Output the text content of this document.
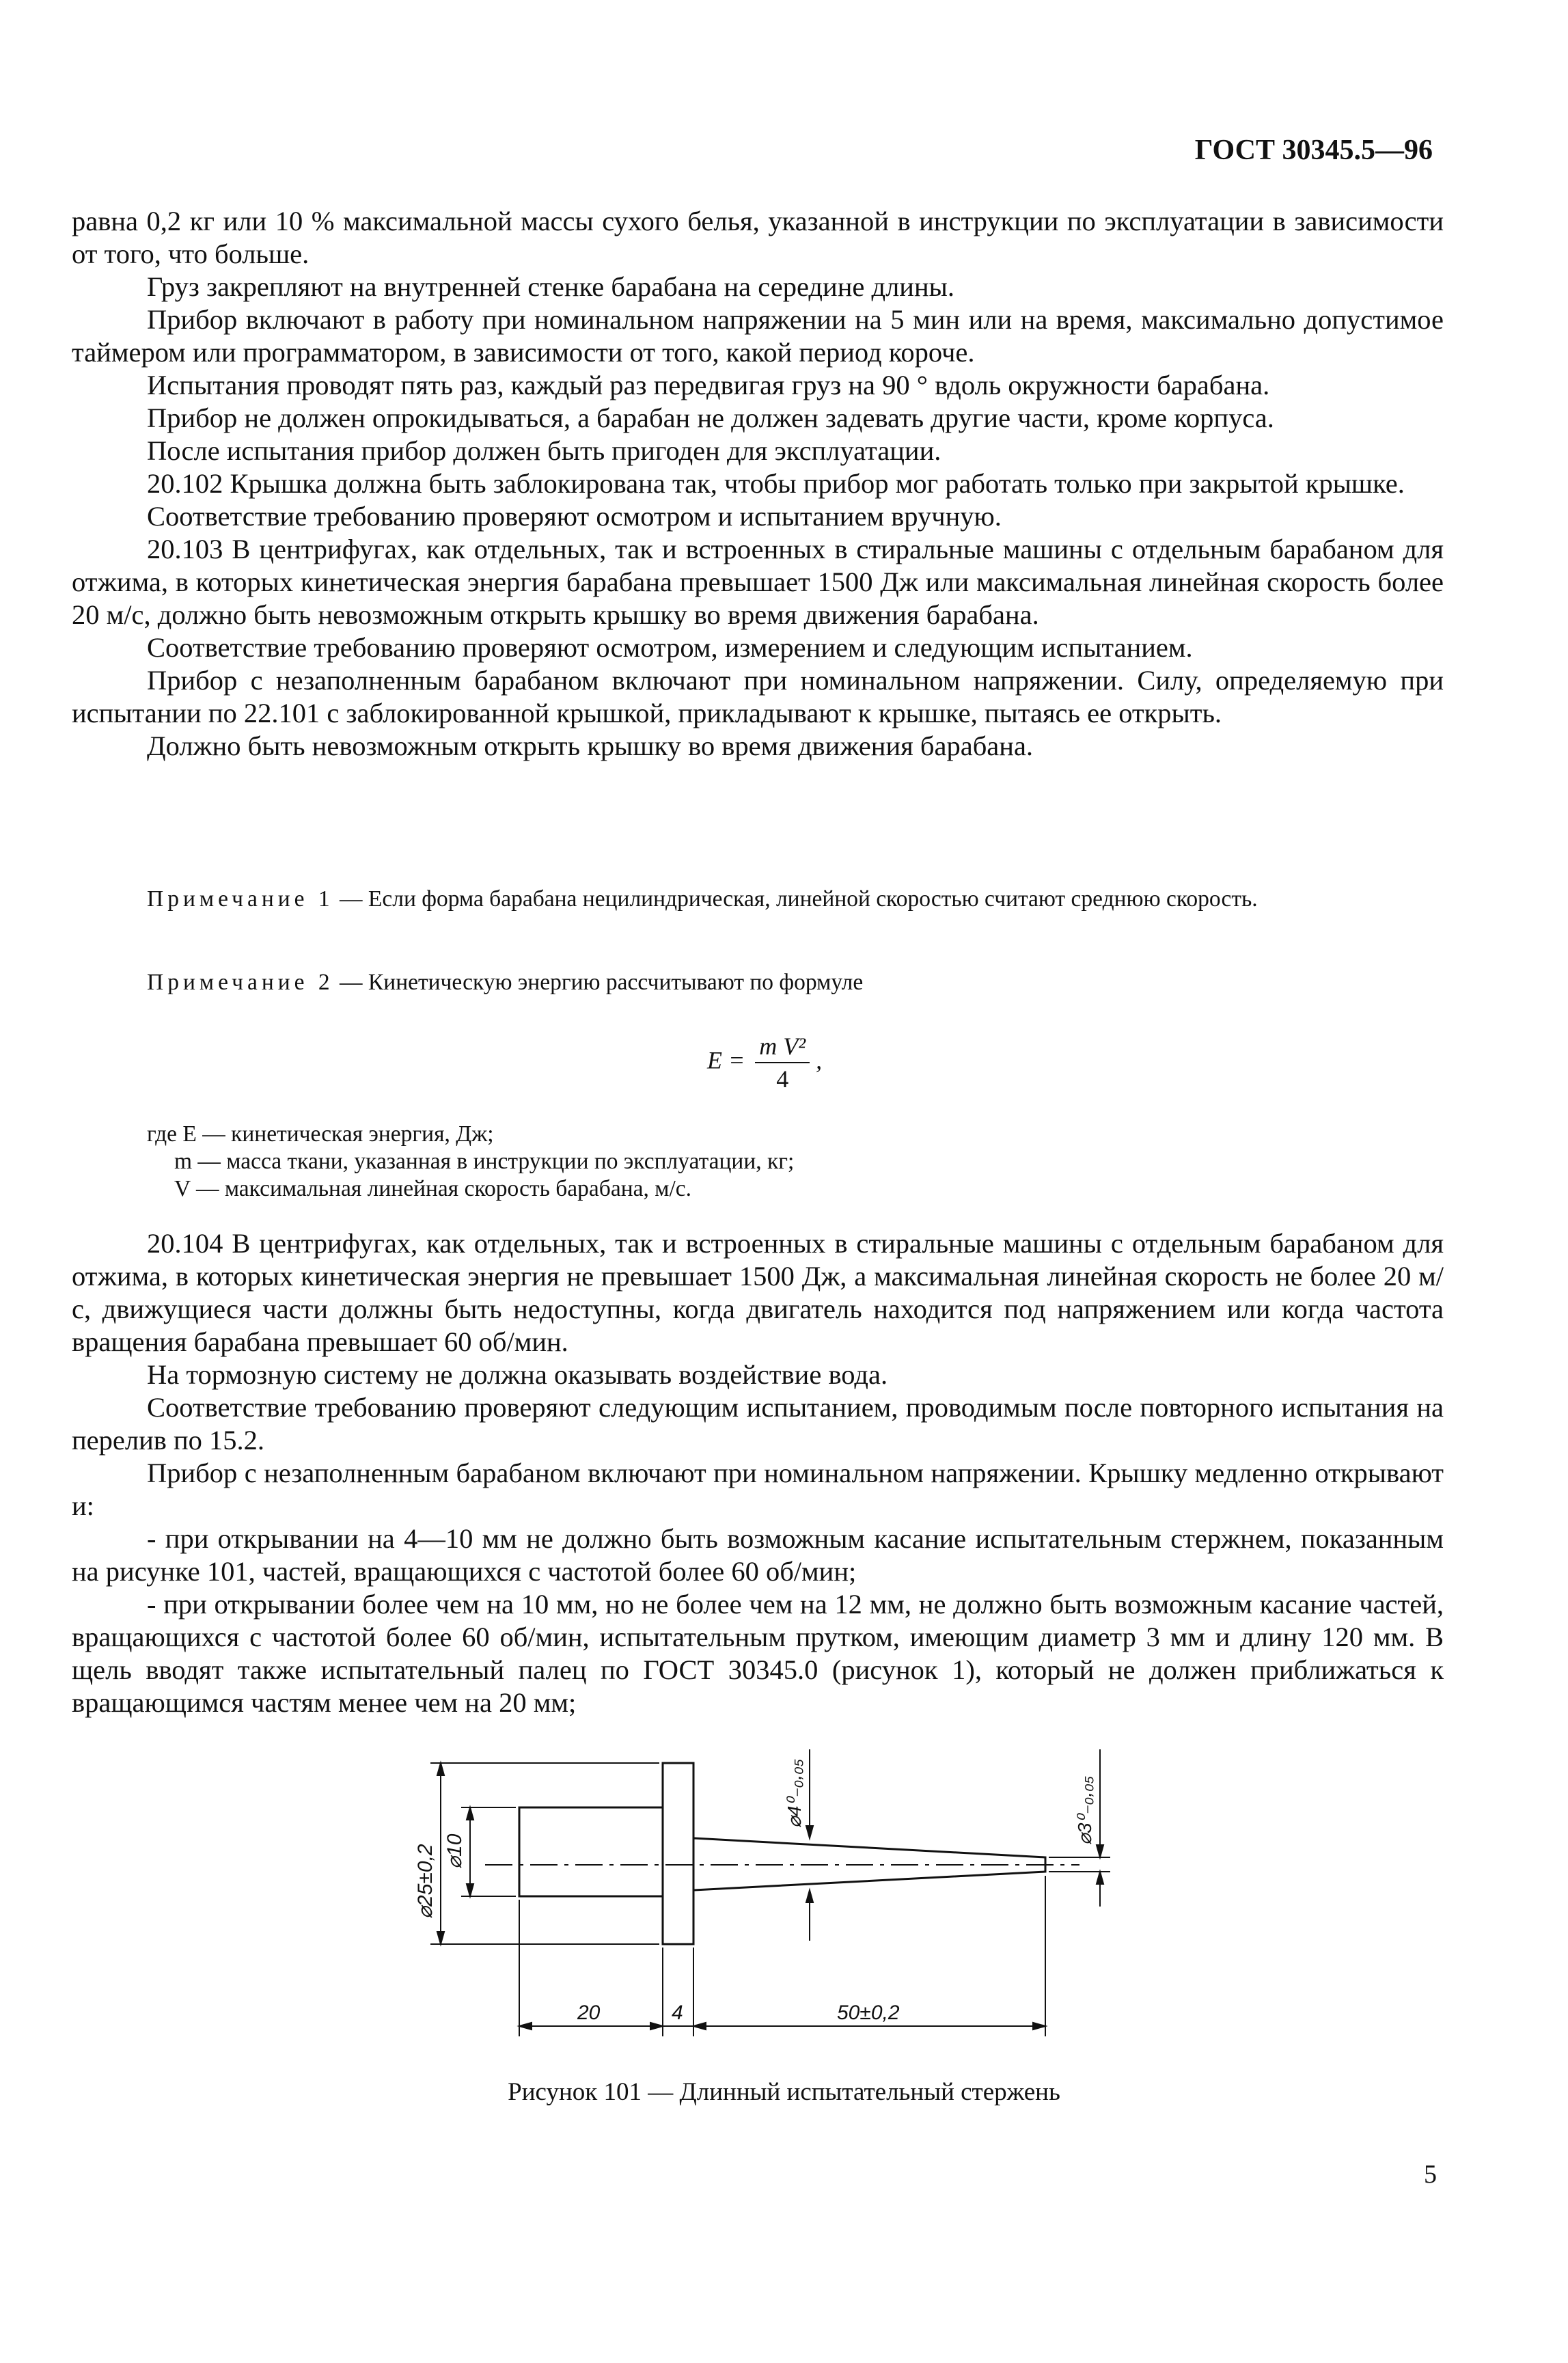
ГОСТ 30345.5—96

равна 0,2 кг или 10 % максимальной массы сухого белья, указанной в инструкции по эксплуатации в зависимости от того, что больше.

Груз закрепляют на внутренней стенке барабана на середине длины.

Прибор включают в работу при номинальном напряжении на 5 мин или на время, максимально допустимое таймером или программатором, в зависимости от того, какой период короче.

Испытания проводят пять раз, каждый раз передвигая груз на 90 ° вдоль окружности барабана.

Прибор не должен опрокидываться, а барабан не должен задевать другие части, кроме корпуса.

После испытания прибор должен быть пригоден для эксплуатации.

20.102 Крышка должна быть заблокирована так, чтобы прибор мог работать только при закрытой крышке.

Соответствие требованию проверяют осмотром и испытанием вручную.

20.103 В центрифугах, как отдельных, так и встроенных в стиральные машины с отдельным барабаном для отжима, в которых кинетическая энергия барабана превышает 1500 Дж или максимальная линейная скорость более 20 м/с, должно быть невозможным открыть крышку во время движения барабана.

Соответствие требованию проверяют осмотром, измерением и следующим испытанием.

Прибор с незаполненным барабаном включают при номинальном напряжении. Силу, определяемую при испытании по 22.101 с заблокированной крышкой, прикладывают к крышке, пытаясь ее открыть.

Должно быть невозможным открыть крышку во время движения барабана.

Примечание 1 — Если форма барабана нецилиндрическая, линейной скоростью считают среднюю скорость.

Примечание 2 — Кинетическую энергию рассчитывают по формуле

$E = \frac{\text{m V²}}{4}$ ,
где E — кинетическая энергия, Дж;
m — масса ткани, указанная в инструкции по эксплуатации, кг;
V — максимальная линейная скорость барабана, м/с.

20.104 В центрифугах, как отдельных, так и встроенных в стиральные машины с отдельным барабаном для отжима, в которых кинетическая энергия не превышает 1500 Дж, а максимальная линейная скорость не более 20 м/с, движущиеся части должны быть недоступны, когда двигатель находится под напряжением или когда частота вращения барабана превышает 60 об/мин.

На тормозную систему не должна оказывать воздействие вода.

Соответствие требованию проверяют следующим испытанием, проводимым после повторного испытания на перелив по 15.2.

Прибор с незаполненным барабаном включают при номинальном напряжении. Крышку медленно открывают и:

- при открывании на 4—10 мм не должно быть возможным касание испытательным стержнем, показанным на рисунке 101, частей, вращающихся с частотой более 60 об/мин;

- при открывании более чем на 10 мм, но не более чем на 12 мм, не должно быть возможным касание частей, вращающихся с частотой более 60 об/мин, испытательным прутком, имеющим диаметр 3 мм и длину 120 мм. В щель вводят также испытательный палец по ГОСТ 30345.0 (рисунок 1), который не должен приближаться к вращающимся частям менее чем на 20 мм;

⌀25±0,2 ⌀10
⌀4⁰₋₀,₀₅	⌀3⁰₋₀,₀₅
20	4	50±0,2
Рисунок 101 — Длинный испытательный стержень
5
